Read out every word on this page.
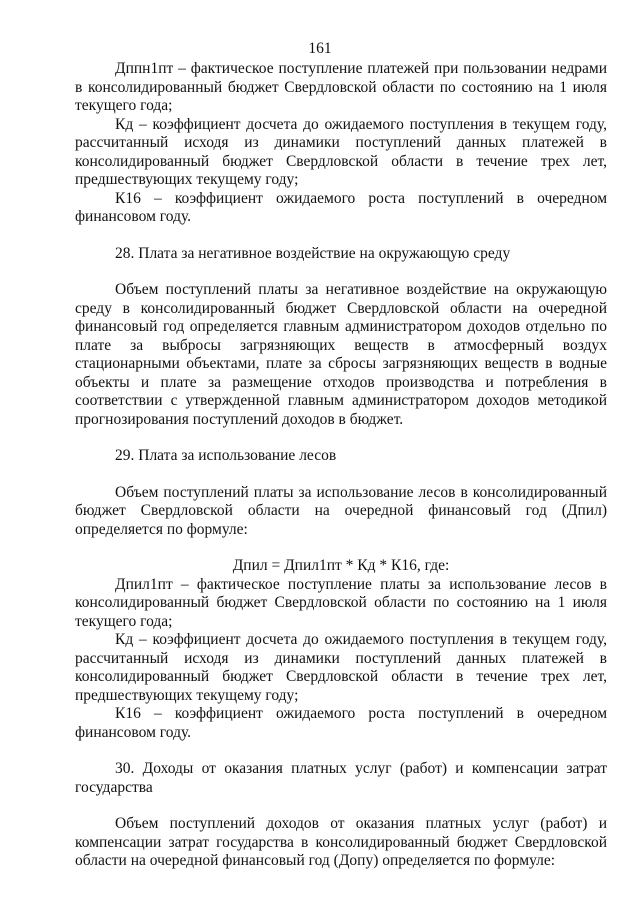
161

Дппн1пт – фактическое поступление платежей при пользовании недрами в консолидированный бюджет Свердловской области по состоянию на 1 июля текущего года;

Кд – коэффициент досчета до ожидаемого поступления в текущем году, рассчитанный исходя из динамики поступлений данных платежей в консолидированный бюджет Свердловской области в течение трех лет, предшествующих текущему году;

К16 – коэффициент ожидаемого роста поступлений в очередном финансовом году.

28. Плата за негативное воздействие на окружающую среду

Объем поступлений платы за негативное воздействие на окружающую среду в консолидированный бюджет Свердловской области на очередной финансовый год определяется главным администратором доходов отдельно по плате за выбросы загрязняющих веществ в атмосферный воздух стационарными объектами, плате за сбросы загрязняющих веществ в водные объекты и плате за размещение отходов производства и потребления в соответствии с утвержденной главным администратором доходов методикой прогнозирования поступлений доходов в бюджет.

29. Плата за использование лесов

Объем поступлений платы за использование лесов в консолидированный бюджет Свердловской области на очередной финансовый год (Дпил) определяется по формуле:

Дпил = Дпил1пт * Кд * К16, где:

Дпил1пт – фактическое поступление платы за использование лесов в консолидированный бюджет Свердловской области по состоянию на 1 июля текущего года;

Кд – коэффициент досчета до ожидаемого поступления в текущем году, рассчитанный исходя из динамики поступлений данных платежей в консолидированный бюджет Свердловской области в течение трех лет, предшествующих текущему году;

К16 – коэффициент ожидаемого роста поступлений в очередном финансовом году.

30. Доходы от оказания платных услуг (работ) и компенсации затрат государства

Объем поступлений доходов от оказания платных услуг (работ) и компенсации затрат государства в консолидированный бюджет Свердловской области на очередной финансовый год (Допу) определяется по формуле:
